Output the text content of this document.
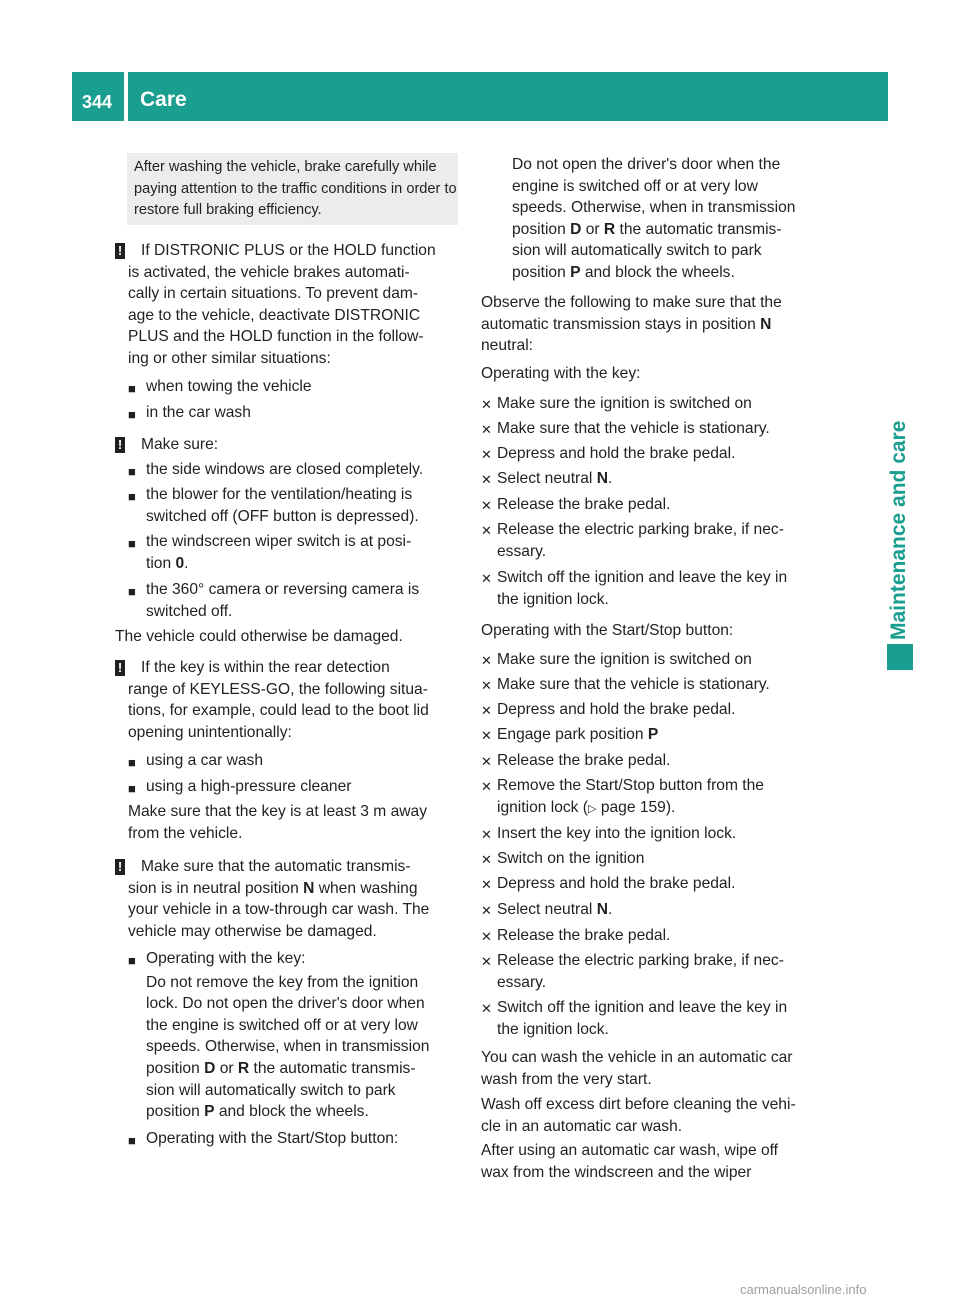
344 Care
Maintenance and care

After washing the vehicle, brake carefully while paying attention to the traffic conditions in order to restore full braking efficiency.

!	If DISTRONIC PLUS or the HOLD function

is activated, the vehicle brakes automati-

cally in certain situations. To prevent dam-

age to the vehicle, deactivate DISTRONIC

PLUS and the HOLD function in the follow-

ing or other similar situations:

■ when towing the vehicle

■ in the car wash

! Make sure:

■ the side windows are closed completely.

■ the blower for the ventilation/heating is

switched off (OFF button is depressed).

■ the windscreen wiper switch is at posi-

tion 0.

■ the 360° camera or reversing camera is

switched off.

The vehicle could otherwise be damaged.

!	If the key is within the rear detection

range of KEYLESS-GO, the following situa-

tions, for example, could lead to the boot lid

opening unintentionally:

■ using a car wash

■ using a high-pressure cleaner

Make sure that the key is at least 3 m away

from the vehicle.

!	Make sure that the automatic transmis-

sion is in neutral position N when washing

your vehicle in a tow-through car wash. The

vehicle may otherwise be damaged.

■ Operating with the key:

Do not remove the key from the ignition

lock. Do not open the driver's door when

the engine is switched off or at very low

speeds. Otherwise, when in transmission

position D or R the automatic transmis-

sion will automatically switch to park

position P and block the wheels.

■ Operating with the Start/Stop button:

Do not open the driver's door when the

engine is switched off or at very low

speeds. Otherwise, when in transmission

position D or R the automatic transmis-

sion will automatically switch to park

position P and block the wheels.

Observe the following to make sure that the

automatic transmission stays in position N

neutral:

Operating with the key:

✕ Make sure the ignition is switched on

✕ Make sure that the vehicle is stationary.

✕ Depress and hold the brake pedal.

✕ Select neutral N.

✕ Release the brake pedal.

✕ Release the electric parking brake, if nec-

essary.

✕ Switch off the ignition and leave the key in

the ignition lock.

Operating with the Start/Stop button:

✕ Make sure the ignition is switched on

✕ Make sure that the vehicle is stationary.

✕ Depress and hold the brake pedal.

✕ Engage park position P

✕ Release the brake pedal.

✕ Remove the Start/Stop button from the

ignition lock (▷ page 159).

✕ Insert the key into the ignition lock.

✕ Switch on the ignition

✕ Depress and hold the brake pedal.

✕ Select neutral N.

✕ Release the brake pedal.

✕ Release the electric parking brake, if nec-

essary.

✕ Switch off the ignition and leave the key in

the ignition lock.

You can wash the vehicle in an automatic car

wash from the very start.

Wash off excess dirt before cleaning the vehi-

cle in an automatic car wash.

After using an automatic car wash, wipe off

wax from the windscreen and the wiper

carmanualsonline.info
